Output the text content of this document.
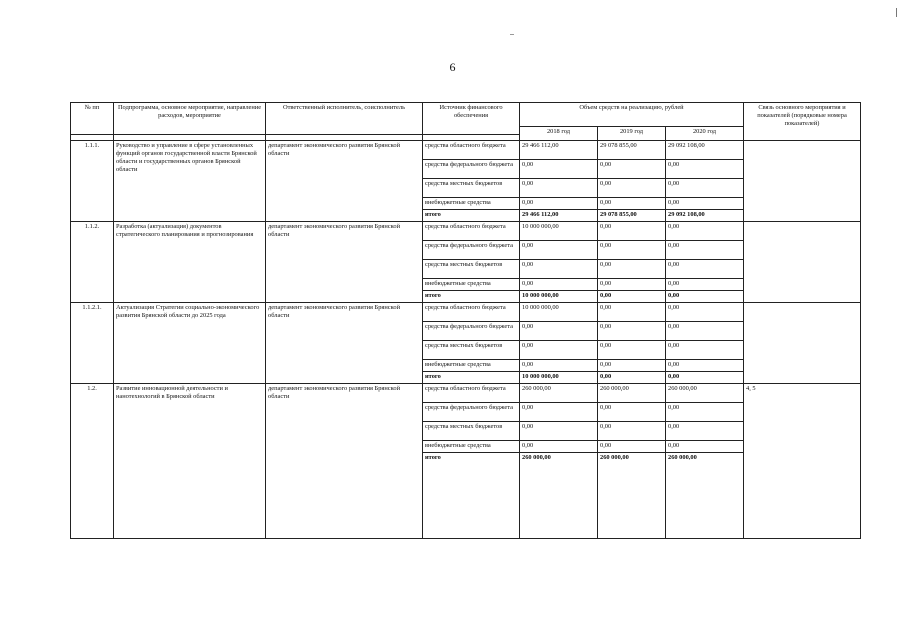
6
№ пп	Подпрограмма, основное мероприятие, направление расходов, мероприятие	Ответственный исполнитель, соисполнитель	Источник финансового обеспечения	Объем средств на реализацию, рублей			Связь основного мероприятия и показателей (порядковые номера показателей)
				2018 год	2019 год	2020 год	

1.1.1.	Руководство и управление в сфере установленных функций органов государственной власти Брянской области и государственных органов Брянской области	департамент экономического развития Брянской области	средства областного бюджета	29 466 112,00	29 078 855,00	29 092 108,00	
			средства федерального бюджета	0,00	0,00	0,00	
			средства местных бюджетов	0,00	0,00	0,00	
			внебюджетные средства	0,00	0,00	0,00	
			итого	29 466 112,00	29 078 855,00	29 092 108,00	
1.1.2.	Разработка (актуализация) документов стратегического планирования и прогнозирования	департамент экономического развития Брянской области	средства областного бюджета	10 000 000,00	0,00	0,00	
			средства федерального бюджета	0,00	0,00	0,00	
			средства местных бюджетов	0,00	0,00	0,00	
			внебюджетные средства	0,00	0,00	0,00	
			итого	10 000 000,00	0,00	0,00	
1.1.2.1.	Актуализация Стратегии социально-экономического развития Брянской области до 2025 года	департамент экономического развития Брянской области	средства областного бюджета	10 000 000,00	0,00	0,00	
			средства федерального бюджета	0,00	0,00	0,00	
			средства местных бюджетов	0,00	0,00	0,00	
			внебюджетные средства	0,00	0,00	0,00	
			итого	10 000 000,00	0,00	0,00	
1.2.	Развитие инновационной деятельности и нанотехнологий в Брянской области	департамент экономического развития Брянской области	средства областного бюджета	260 000,00	260 000,00	260 000,00	4, 5
			средства федерального бюджета	0,00	0,00	0,00	
			средства местных бюджетов	0,00	0,00	0,00	
			внебюджетные средства	0,00	0,00	0,00	
			итого	260 000,00	260 000,00	260 000,00	
